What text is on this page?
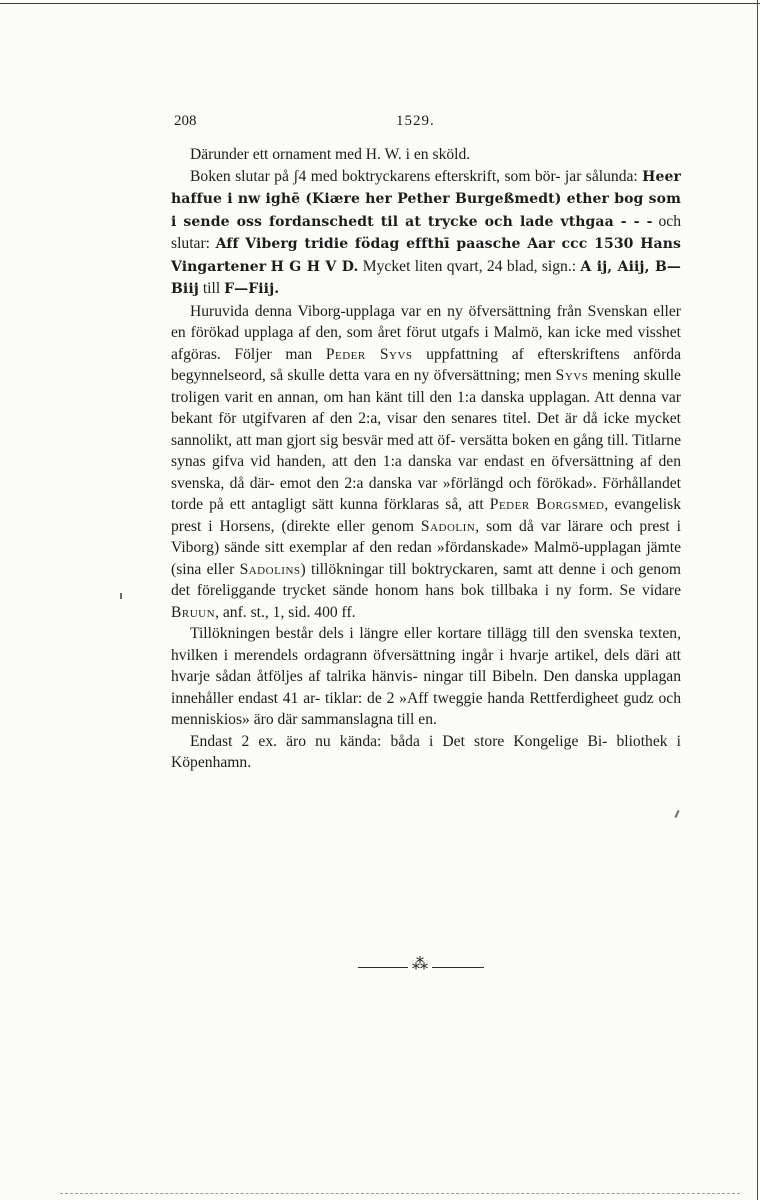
208	1529.

Därunder ett ornament med H. W. i en sköld.

Boken slutar på ʃ4 med boktryckarens efterskrift, som bör- jar sålunda: Heer haffue i nw ighē (Kiære her Pether Burgeßmedt) ether bog som i sende oss fordanschedt til at trycke och lade vthgaa - - - och slutar: Aff Viberg tridie födag effthī paasche Aar ccc 1530 Hans Vingartener H G H V D. Mycket liten qvart, 24 blad, sign.: A ij, Aiij, B—Biij till F—Fiij.

Huruvida denna Viborg-upplaga var en ny öfversättning från Svenskan eller en förökad upplaga af den, som året förut utgafs i Malmö, kan icke med visshet afgöras. Följer man Peder Syvs uppfattning af efterskriftens anförda begynnelseord, så skulle detta vara en ny öfversättning; men Syvs mening skulle troligen varit en annan, om han känt till den 1:a danska upplagan. Att denna var bekant för utgifvaren af den 2:a, visar den senares titel. Det är då icke mycket sannolikt, att man gjort sig besvär med att öf- versätta boken en gång till. Titlarne synas gifva vid handen, att den 1:a danska var endast en öfversättning af den svenska, då där- emot den 2:a danska var »förlängd och förökad». Förhållandet torde på ett antagligt sätt kunna förklaras så, att Peder Borgsmed, evangelisk prest i Horsens, (direkte eller genom Sadolin, som då var lärare och prest i Viborg) sände sitt exemplar af den redan »fördanskade» Malmö-upplagan jämte (sina eller Sadolins) tillökningar till boktryckaren, samt att denne i och genom det föreliggande trycket sände honom hans bok tillbaka i ny form. Se vidare Bruun, anf. st., 1, sid. 400 ff.

Tillökningen består dels i längre eller kortare tillägg till den svenska texten, hvilken i merendels ordagrann öfversättning ingår i hvarje artikel, dels däri att hvarje sådan åtföljes af talrika hänvis- ningar till Bibeln. Den danska upplagan innehåller endast 41 ar- tiklar: de 2 »Aff tweggie handa Rettferdigheet gudz och menniskios» äro där sammanslagna till en.

Endast 2 ex. äro nu kända: båda i Det store Kongelige Bi- bliothek i Köpenhamn.

⁂
